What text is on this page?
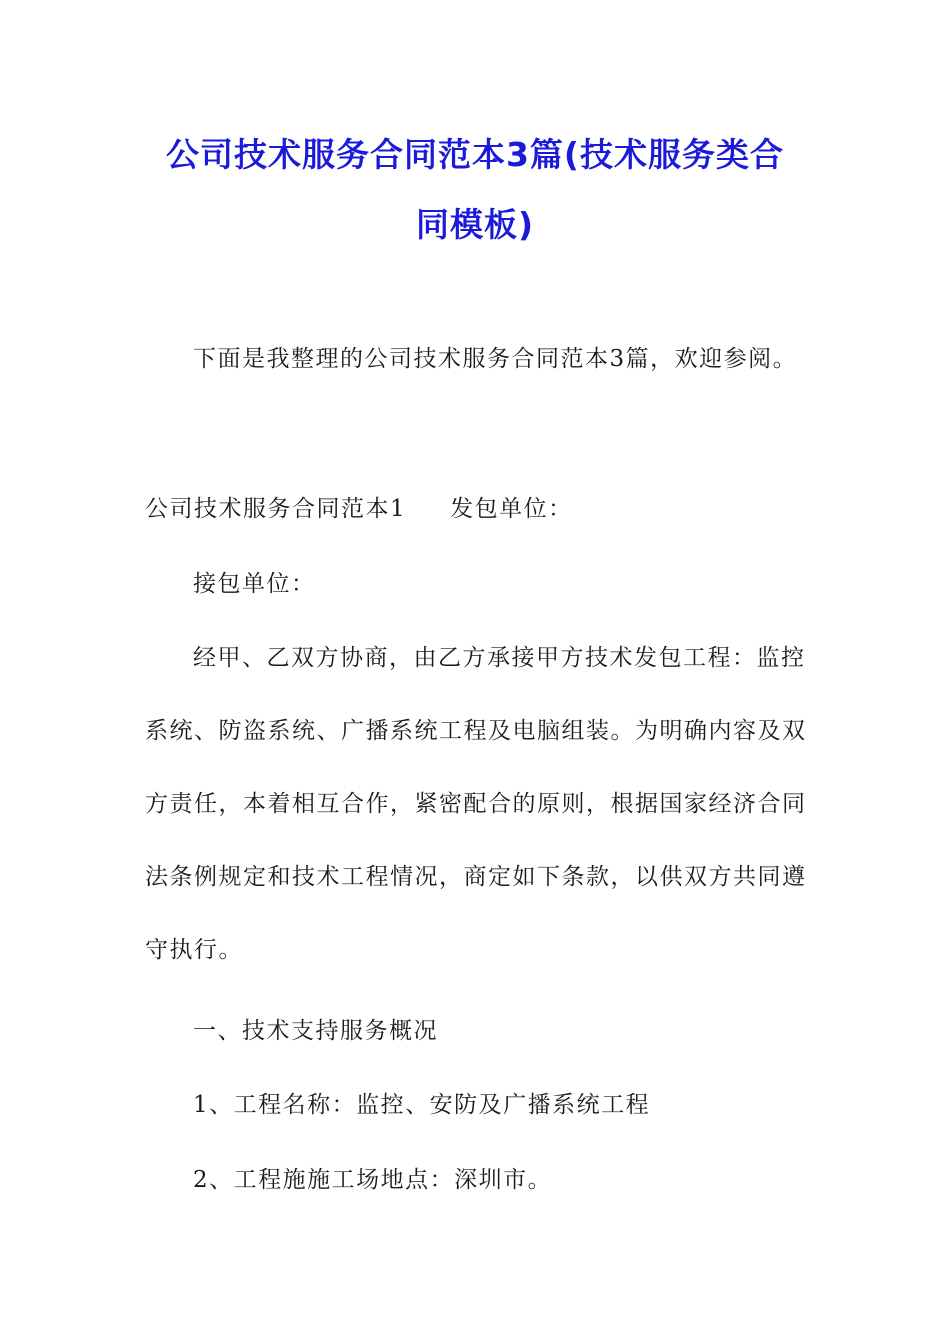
公司技术服务合同范本3篇(技术服务类合
同模板)
下面是我整理的公司技术服务合同范本3篇，欢迎参阅。
公司技术服务合同范本1 发包单位：
接包单位：
经甲、乙双方协商，由乙方承接甲方技术发包工程：监控
系统、防盗系统、广播系统工程及电脑组装。为明确内容及双
方责任，本着相互合作，紧密配合的原则，根据国家经济合同
法条例规定和技术工程情况，商定如下条款，以供双方共同遵
守执行。
一、技术支持服务概况
1、工程名称：监控、安防及广播系统工程
2、工程施施工场地点：深圳市。
